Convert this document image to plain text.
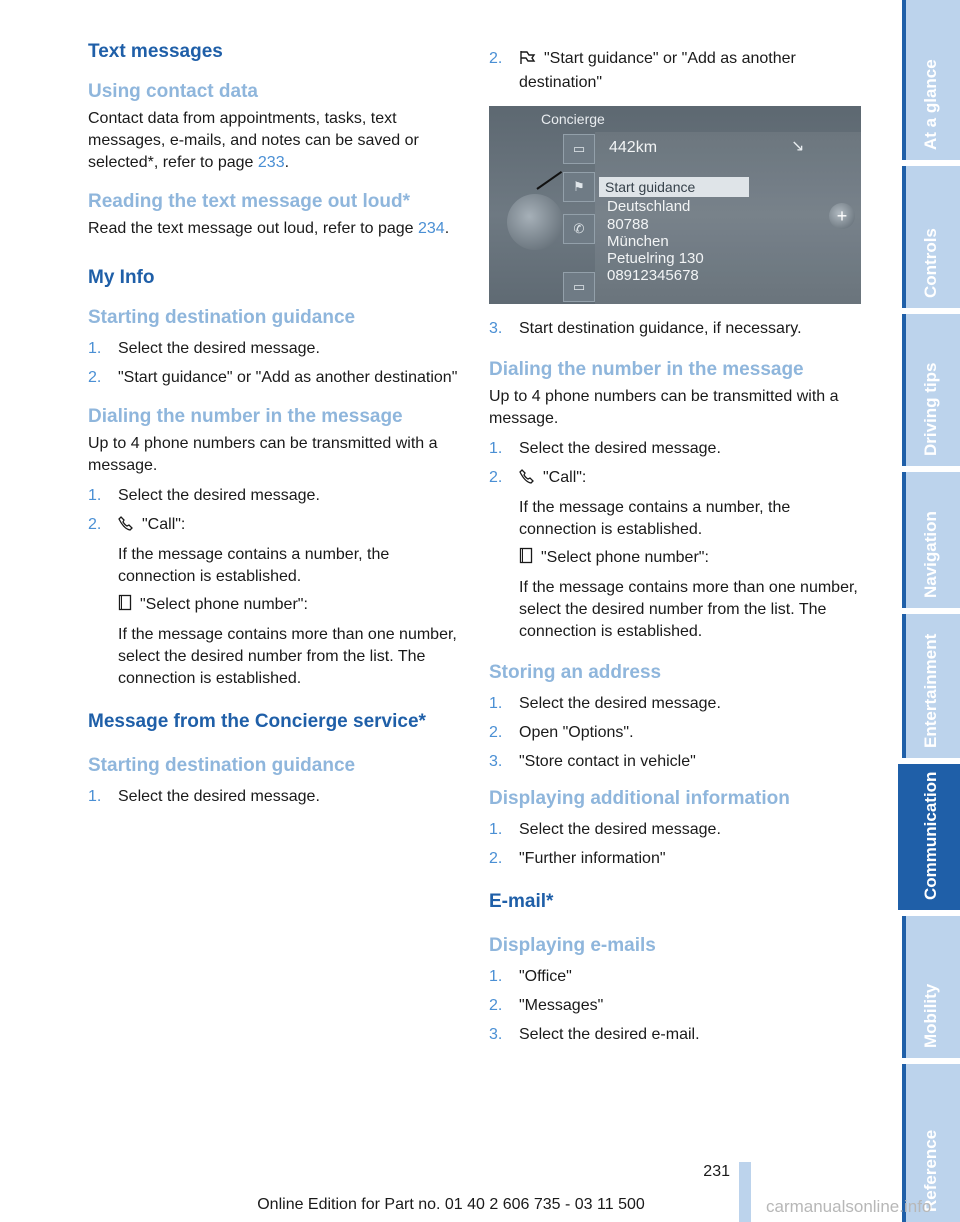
Text messages
Using contact data
Contact data from appointments, tasks, text messages, e-mails, and notes can be saved or selected*, refer to page 233.
Reading the text message out loud*
Read the text message out loud, refer to page 234.
My Info
Starting destination guidance
1. Select the desired message.
2. "Start guidance" or "Add as another destination"
Dialing the number in the message
Up to 4 phone numbers can be transmitted with a message.
1. Select the desired message.
2.	"Call":
If the message contains a number, the connection is established.
"Select phone number":
If the message contains more than one number, select the desired number from the list. The connection is established.
Message from the Concierge service*
Starting destination guidance
1. Select the desired message.
2.	"Start guidance" or "Add as another destination"
Concierge
442km	↘
+
▭
⚑
✆
▭
Start guidance
Deutschland
80788
München
Petuelring 130
08912345678
3. Start destination guidance, if necessary.
Dialing the number in the message
Up to 4 phone numbers can be transmitted with a message.
1. Select the desired message.
2.	"Call":
If the message contains a number, the connection is established.
"Select phone number":
If the message contains more than one number, select the desired number from the list. The connection is established.
Storing an address
1. Select the desired message.
2. Open "Options".
3. "Store contact in vehicle"
Displaying additional information
1. Select the desired message.
2. "Further information"
E-mail*
Displaying e-mails
1. "Office"
2. "Messages"
3. Select the desired e-mail.
At a glance
Controls
Driving tips
Navigation
Entertainment
Communication
Mobility
Reference
231
Online Edition for Part no. 01 40 2 606 735 - 03 11 500	carmanualsonline.info
